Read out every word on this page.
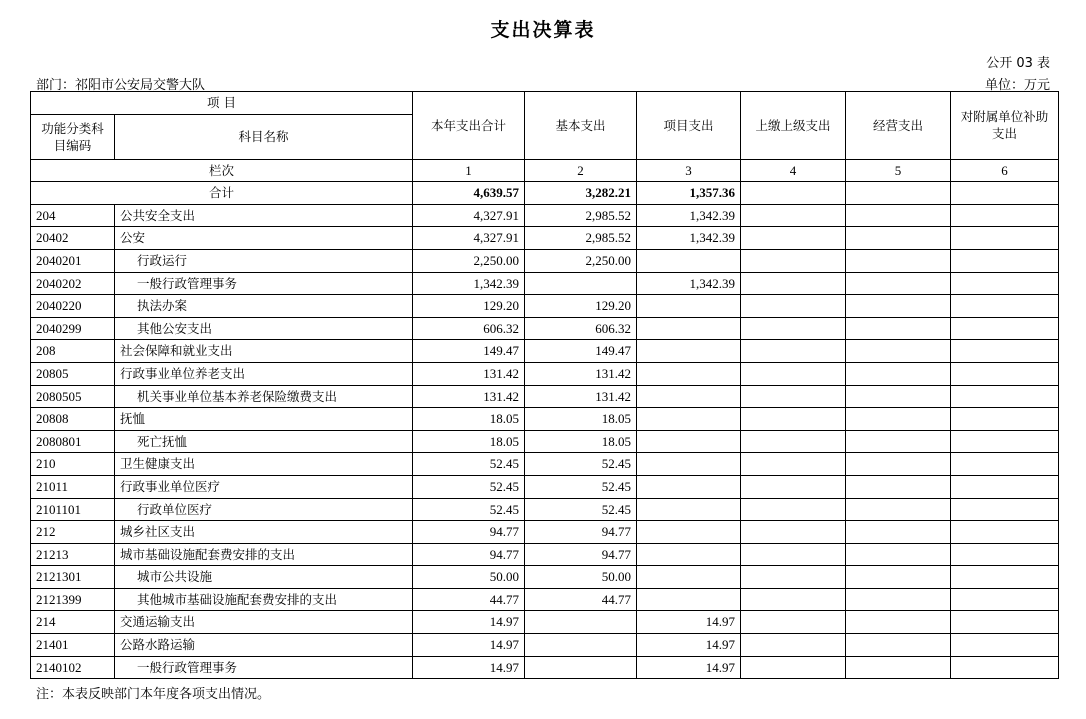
支出决算表
公开 03 表
部门：祁阳市公安局交警大队	单位：万元
项 目		本年支出合计	基本支出	项目支出	上缴上级支出	经营支出	对附属单位补助支出
功能分类科目编码	科目名称						
栏次		1	2	3	4	5	6
合计		4,639.57	3,282.21	1,357.36			
204	公共安全支出	4,327.91	2,985.52	1,342.39			
20402	公安	4,327.91	2,985.52	1,342.39			
2040201	行政运行	2,250.00	2,250.00				
2040202	一般行政管理事务	1,342.39		1,342.39			
2040220	执法办案	129.20	129.20				
2040299	其他公安支出	606.32	606.32				
208	社会保障和就业支出	149.47	149.47				
20805	行政事业单位养老支出	131.42	131.42				
2080505	机关事业单位基本养老保险缴费支出	131.42	131.42				
20808	抚恤	18.05	18.05				
2080801	死亡抚恤	18.05	18.05				
210	卫生健康支出	52.45	52.45				
21011	行政事业单位医疗	52.45	52.45				
2101101	行政单位医疗	52.45	52.45				
212	城乡社区支出	94.77	94.77				
21213	城市基础设施配套费安排的支出	94.77	94.77				
2121301	城市公共设施	50.00	50.00				
2121399	其他城市基础设施配套费安排的支出	44.77	44.77				
214	交通运输支出	14.97		14.97			
21401	公路水路运输	14.97		14.97			
2140102	一般行政管理事务	14.97		14.97			
注：本表反映部门本年度各项支出情况。
